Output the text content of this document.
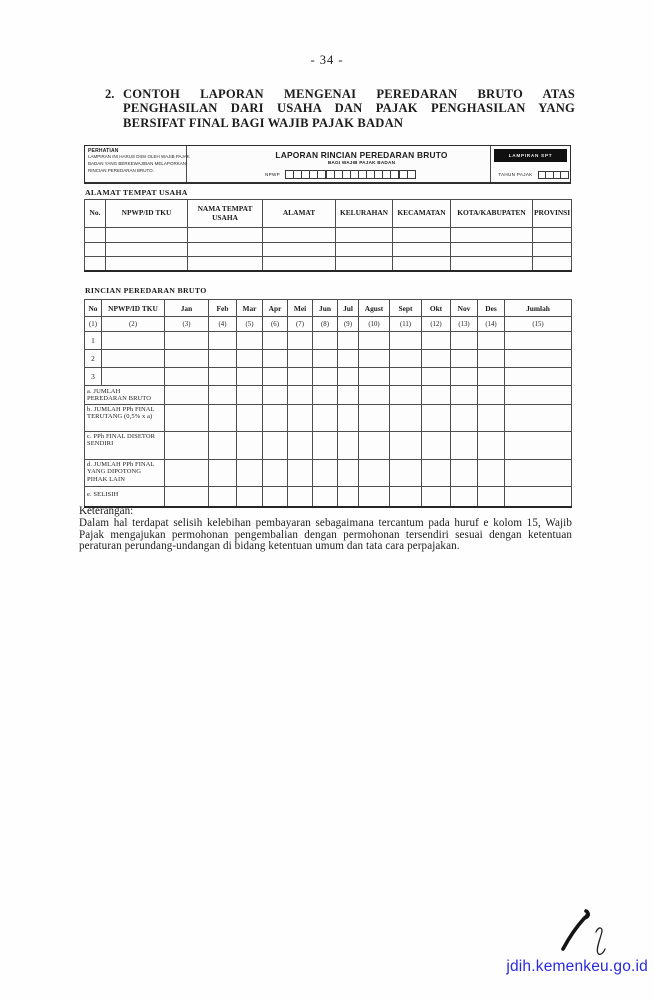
- 34 -
2. CONTOH LAPORAN MENGENAI PEREDARAN BRUTO ATAS
PENGHASILAN DARI USAHA DAN PAJAK PENGHASILAN YANG
BERSIFAT FINAL BAGI WAJIB PAJAK BADAN
PERHATIAN
LAMPIRAN INI HARUS DIISI OLEH WAJIB PAJAK
BADAN YANG BERKEWAJIBAN MELAPORKAN
RINCIAN PEREDARAN BRUTO.
LAPORAN RINCIAN PEREDARAN BRUTO
BAGI WAJIB PAJAK BADAN
NPWP
LAMPIRAN SPT
TAHUN PAJAK
ALAMAT TEMPAT USAHA
No.	NPWP/ID TKU	NAMA TEMPAT USAHA	ALAMAT	KELURAHAN	KECAMATAN	KOTA/KABUPATEN	PROVINSI

RINCIAN PEREDARAN BRUTO
No	NPWP/ID TKU	Jan	Feb	Mar	Apr	Mei	Jun	Jul	Agust	Sept	Okt	Nov	Des	Jumlah
(1)	(2)	(3)	(4)	(5)	(6)	(7)	(8)	(9)	(10)	(11)	(12)	(13)	(14)	(15)
1														
2														
3														
a. JUMLAH PEREDARAN BRUTO														
b. JUMLAH PPh FINAL TERUTANG (0,5% x a)														
c. PPh FINAL DISETOR SENDIRI														
d. JUMLAH PPh FINAL YANG DIPOTONG PIHAK LAIN														
e. SELISIH														
Keterangan:
Dalam hal terdapat selisih kelebihan pembayaran sebagaimana tercantum pada huruf e kolom 15, Wajib
Pajak mengajukan permohonan pengembalian dengan permohonan tersendiri sesuai dengan ketentuan
peraturan perundang-undangan di bidang ketentuan umum dan tata cara perpajakan.
jdih.kemenkeu.go.id
